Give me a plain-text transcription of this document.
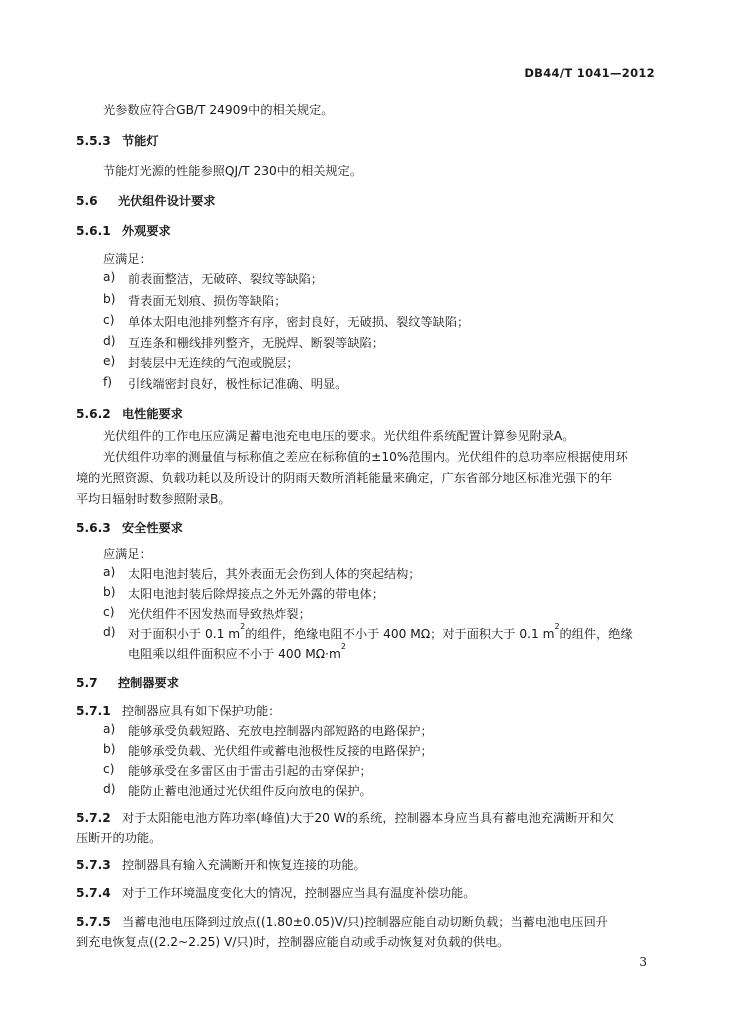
DB44/T 1041—2012
光参数应符合GB/T 24909中的相关规定。
5.5.3 节能灯
节能灯光源的性能参照QJ/T 230中的相关规定。
5.6 光伏组件设计要求
5.6.1 外观要求
应满足：
a) 前表面整洁，无破碎、裂纹等缺陷；
b) 背表面无划痕、损伤等缺陷；
c) 单体太阳电池排列整齐有序，密封良好，无破损、裂纹等缺陷；
d) 互连条和栅线排列整齐，无脱焊、断裂等缺陷；
e) 封装层中无连续的气泡或脱层；
f) 引线端密封良好，极性标记准确、明显。
5.6.2 电性能要求
光伏组件的工作电压应满足蓄电池充电电压的要求。光伏组件系统配置计算参见附录A。
光伏组件功率的测量值与标称值之差应在标称值的±10%范围内。光伏组件的总功率应根据使用环
境的光照资源、负载功耗以及所设计的阴雨天数所消耗能量来确定，广东省部分地区标准光强下的年
平均日辐射时数参照附录B。
5.6.3 安全性要求
应满足：
a) 太阳电池封装后，其外表面无会伤到人体的突起结构；
b) 太阳电池封装后除焊接点之外无外露的带电体；
c) 光伏组件不因发热而导致热炸裂；
d) 对于面积小于 0.1 $m^2$的组件，绝缘电阻不小于 400 MΩ；对于面积大于 0.1 $m^2$的组件，绝缘
电阻乘以组件面积应不小于 400 $M\Omega\cdot m^2$
5.7 控制器要求
5.7.1 控制器应具有如下保护功能：
a) 能够承受负载短路、充放电控制器内部短路的电路保护；
b) 能够承受负载、光伏组件或蓄电池极性反接的电路保护；
c) 能够承受在多雷区由于雷击引起的击穿保护；
d) 能防止蓄电池通过光伏组件反向放电的保护。
5.7.2 对于太阳能电池方阵功率(峰值)大于20 W的系统，控制器本身应当具有蓄电池充满断开和欠
压断开的功能。
5.7.3 控制器具有输入充满断开和恢复连接的功能。
5.7.4 对于工作环境温度变化大的情况，控制器应当具有温度补偿功能。
5.7.5 当蓄电池电压降到过放点((1.80±0.05)V/只)控制器应能自动切断负载；当蓄电池电压回升
到充电恢复点((2.2~2.25) V/只)时，控制器应能自动或手动恢复对负载的供电。
3
